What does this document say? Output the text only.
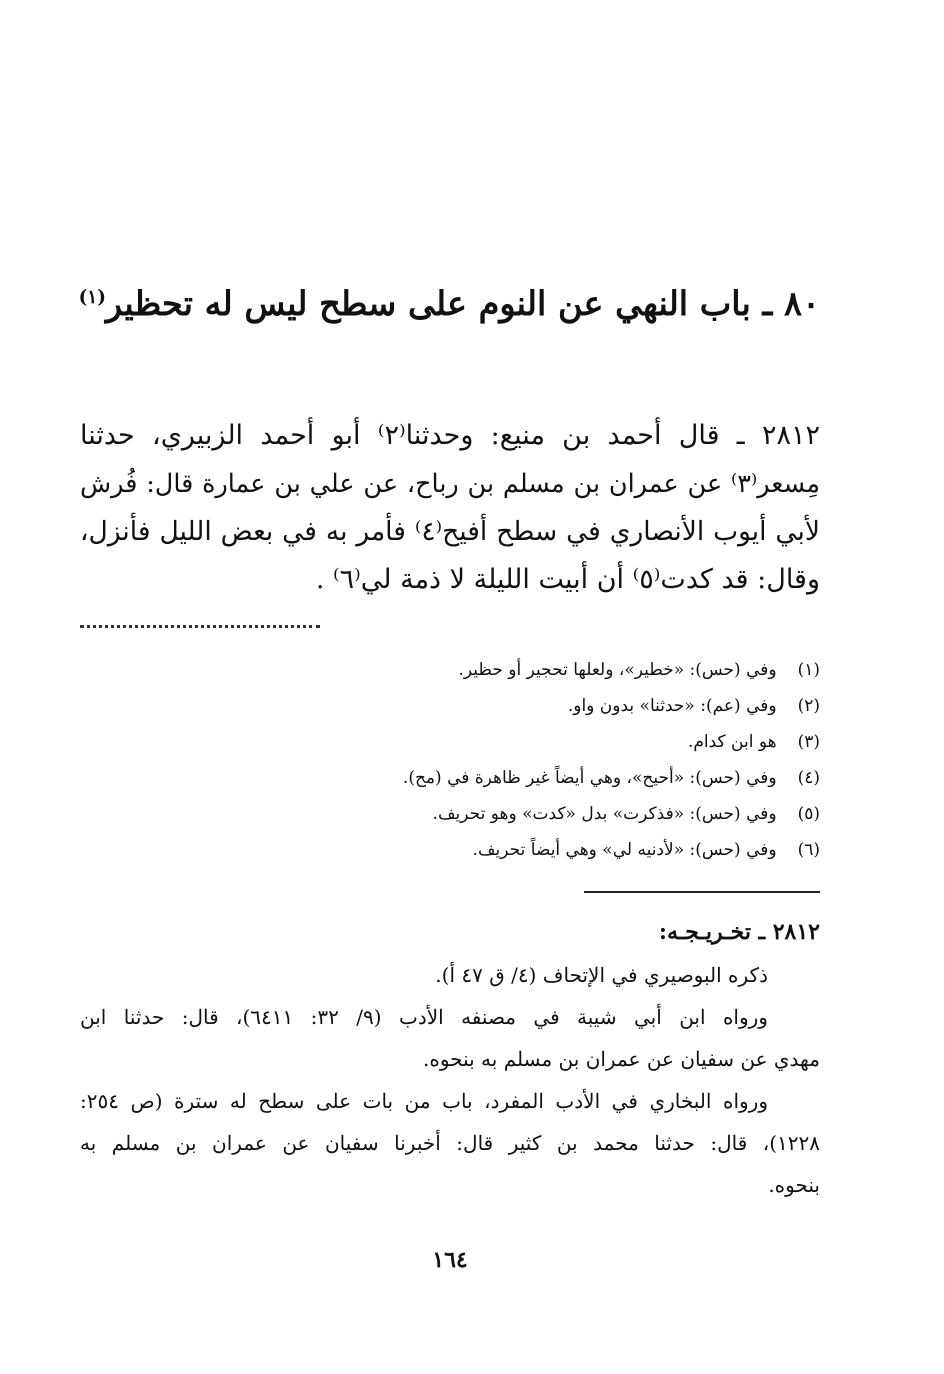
٨٠ ـ باب النهي عن النوم على سطح ليس له تحظير$^{(١)}$
٢٨١٢ ـ قال أحمد بن منيع: وحدثنا⁽٢⁾ أبو أحمد الزبيري، حدثنا
مِسعر⁽٣⁾ عن عمران بن مسلم بن رباح، عن علي بن عمارة قال: فُرش
لأبي أيوب الأنصاري في سطح أفيح⁽٤⁾ فأمر به في بعض الليل فأنزل،
وقال: قد كدت⁽٥⁾ أن أبيت الليلة لا ذمة لي⁽٦⁾ .
(١) وفي (حس): «خطير»، ولعلها تحجير أو حظير.
(٢) وفي (عم): «حدثنا» بدون واو.
(٣) هو ابن كدام.
(٤) وفي (حس): «أحيح»، وهي أيضاً غير ظاهرة في (مح).
(٥) وفي (حس): «فذكرت» بدل «كدت» وهو تحريف.
(٦) وفي (حس): «لأدنيه لي» وهي أيضاً تحريف.
٢٨١٢ ـ تخـريـجـه:
ذكره البوصيري في الإتحاف (٤/ ق ٤٧ أ).
ورواه ابن أبي شيبة في مصنفه الأدب (٩/ ٣٢: ٦٤١١)، قال: حدثنا ابن
مهدي عن سفيان عن عمران بن مسلم به بنحوه.
ورواه البخاري في الأدب المفرد، باب من بات على سطح له سترة (ص ٢٥٤:
١٢٢٨)، قال: حدثنا محمد بن كثير قال: أخبرنا سفيان عن عمران بن مسلم به
بنحوه.
١٦٤
